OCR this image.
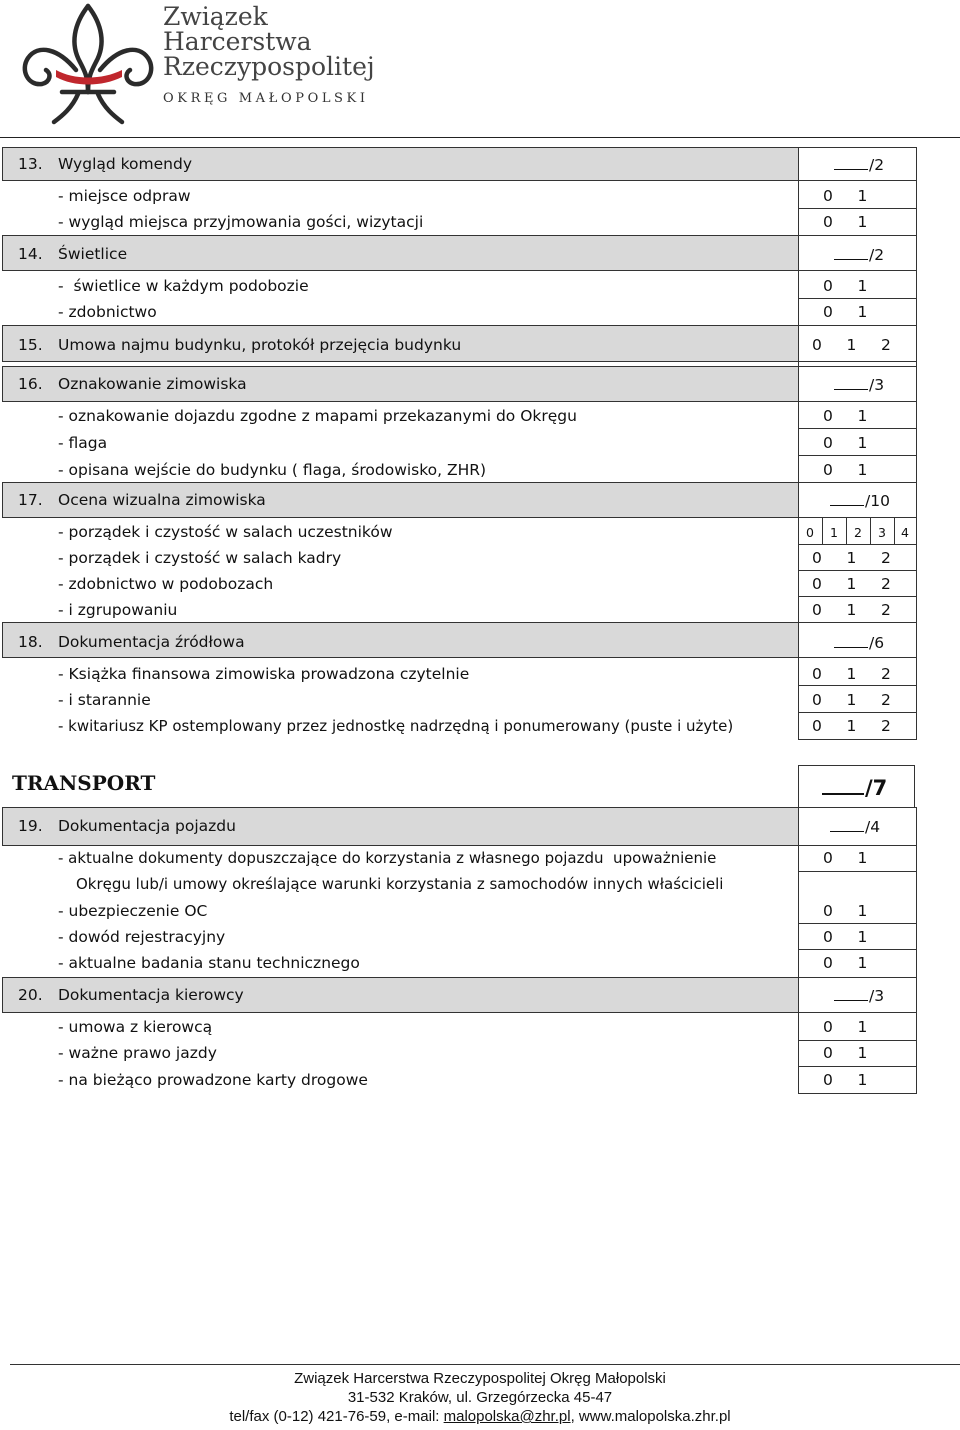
Związek
Harcerstwa
Rzeczypospolitej
OKRĘG MAŁOPOLSKI
13. Wygląd komendy	/2
- miejsce odpraw	0     1
- wygląd miejsca przyjmowania gości, wizytacji	0     1
14. Świetlice	/2
-  świetlice w każdym podobozie	0     1
- zdobnictwo	0     1
15. Umowa najmu budynku, protokół przejęcia budynku	0     1     2
16. Oznakowanie zimowiska	/3
- oznakowanie dojazdu zgodne z mapami przekazanymi do Okręgu	0     1
- flaga	0     1
- opisana wejście do budynku ( flaga, środowisko, ZHR)	0     1
17. Ocena wizualna zimowiska	/10
- porządek i czystość w salach uczestników	0	1	2	3	4
- porządek i czystość w salach kadry	0     1     2
- zdobnictwo w podobozach	0     1     2
- i zgrupowaniu	0     1     2
18. Dokumentacja źródłowa	/6
- Książka finansowa zimowiska prowadzona czytelnie	0     1     2
- i starannie	0     1     2
- kwitariusz KP ostemplowany przez jednostkę nadrzędną i ponumerowany (puste i użyte)	0     1     2
TRANSPORT	/7
19. Dokumentacja pojazdu	/4
- aktualne dokumenty dopuszczające do korzystania z własnego pojazdu  upoważnienie	0     1
Okręgu lub/i umowy określające warunki korzystania z samochodów innych właścicieli
- ubezpieczenie OC	0     1
- dowód rejestracyjny	0     1
- aktualne badania stanu technicznego	0     1
20. Dokumentacja kierowcy	/3
- umowa z kierowcą	0     1
- ważne prawo jazdy	0     1
- na bieżąco prowadzone karty drogowe	0     1
Związek Harcerstwa Rzeczypospolitej Okręg Małopolski
31-532 Kraków, ul. Grzegórzecka 45-47
tel/fax (0-12) 421-76-59, e-mail: malopolska@zhr.pl, www.malopolska.zhr.pl
